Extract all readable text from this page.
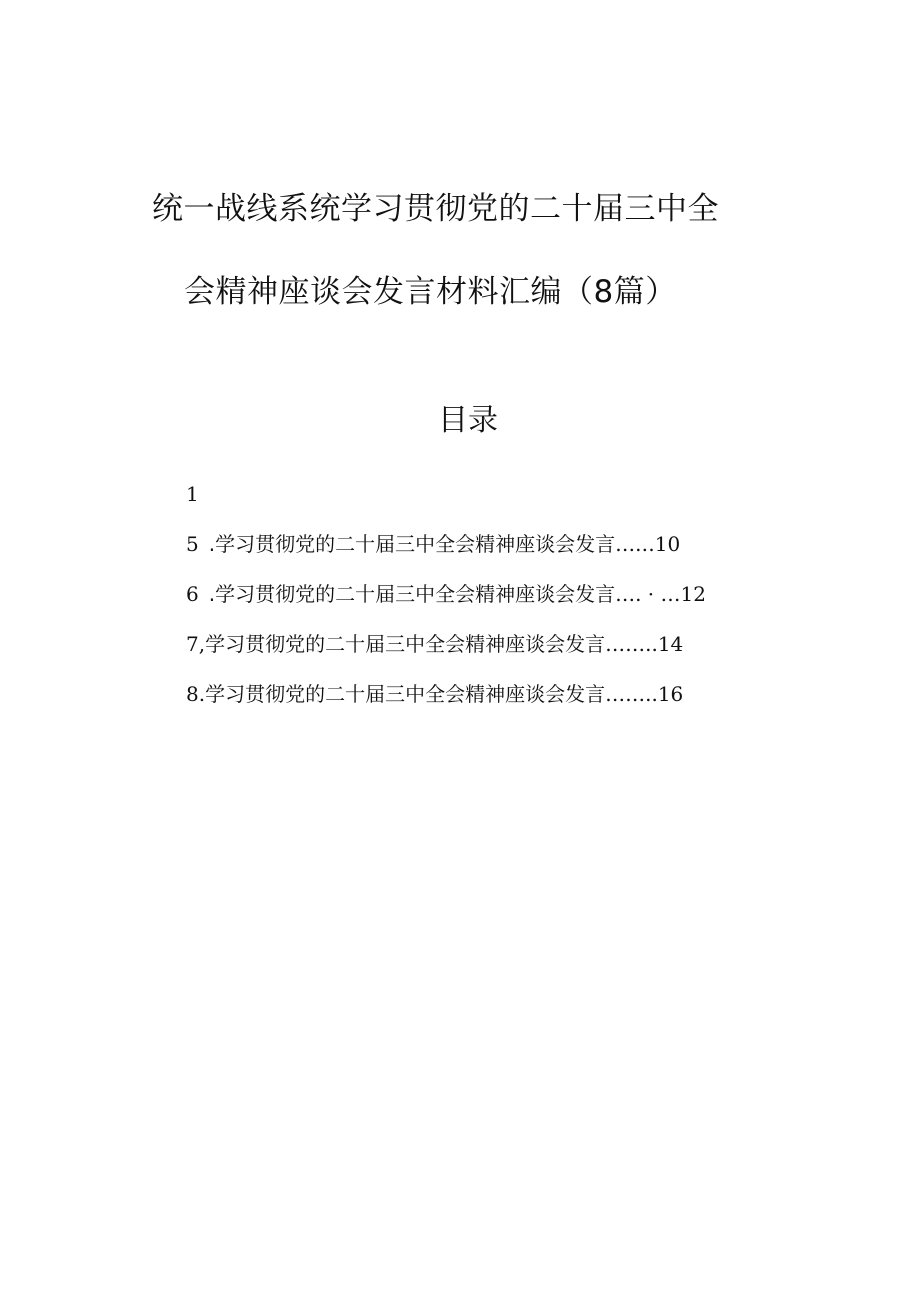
统一战线系统学习贯彻党的二十届三中全
会精神座谈会发言材料汇编（8篇）
目录
1
5 .学习贯彻党的二十届三中全会精神座谈会发言 ….‥ 10
6 .学习贯彻党的二十届三中全会精神座谈会发言 …. · … 12
7, 学习贯彻党的二十届三中全会精神座谈会发言 …….. 14
8. 学习贯彻党的二十届三中全会精神座谈会发言 …….. 16
